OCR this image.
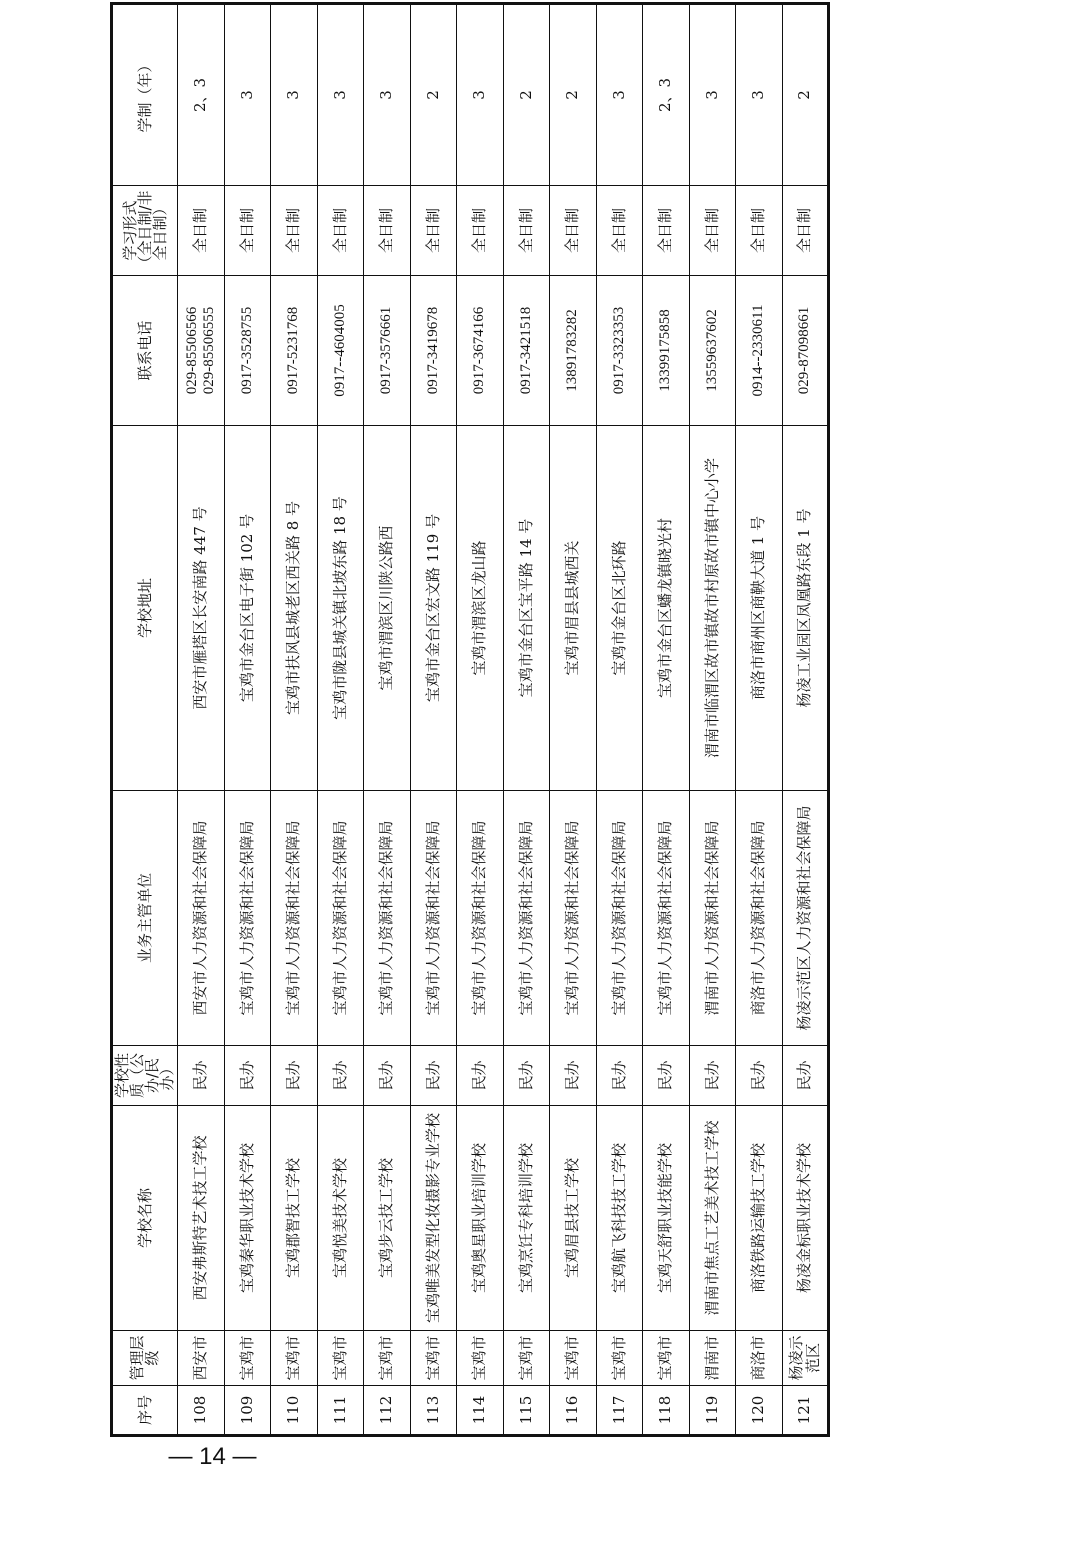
序号	管理层级	学校名称	学校性质（公办/民办）	业务主管单位	学校地址	联系电话	学习形式（全日制/非全日制）	学制（年）
108	西安市	西安弗斯特艺术技工学校	民办	西安市人力资源和社会保障局	西安市雁塔区长安南路 447 号	029-85506566 029-85506555	全日制	2、3
109	宝鸡市	宝鸡秦华职业技术学校	民办	宝鸡市人力资源和社会保障局	宝鸡市金台区电子街 102 号	0917-3528755	全日制	3
110	宝鸡市	宝鸡郡智技工学校	民办	宝鸡市人力资源和社会保障局	宝鸡市扶风县城老区西关路 8 号	0917-5231768	全日制	3
111	宝鸡市	宝鸡悦美技术学校	民办	宝鸡市人力资源和社会保障局	宝鸡市陇县城关镇北坡东路 18 号	0917--4604005	全日制	3
112	宝鸡市	宝鸡步云技工学校	民办	宝鸡市人力资源和社会保障局	宝鸡市渭滨区川陕公路西	0917-3576661	全日制	3
113	宝鸡市	宝鸡唯美发型化妆摄影专业学校	民办	宝鸡市人力资源和社会保障局	宝鸡市金台区宏文路 119 号	0917-3419678	全日制	2
114	宝鸡市	宝鸡奥星职业培训学校	民办	宝鸡市人力资源和社会保障局	宝鸡市渭滨区龙山路	0917-3674166	全日制	3
115	宝鸡市	宝鸡烹饪专科培训学校	民办	宝鸡市人力资源和社会保障局	宝鸡市金台区宝平路 14 号	0917-3421518	全日制	2
116	宝鸡市	宝鸡眉县技工学校	民办	宝鸡市人力资源和社会保障局	宝鸡市眉县县城西关	13891783282	全日制	2
117	宝鸡市	宝鸡航飞科技技工学校	民办	宝鸡市人力资源和社会保障局	宝鸡市金台区北环路	0917-3323353	全日制	3
118	宝鸡市	宝鸡天舒职业技能学校	民办	宝鸡市人力资源和社会保障局	宝鸡市金台区蟠龙镇晓光村	13399175858	全日制	2、3
119	渭南市	渭南市焦点工艺美术技工学校	民办	渭南市人力资源和社会保障局	渭南市临渭区故市镇故市村原故市镇中心小学	13559637602	全日制	3
120	商洛市	商洛铁路运输技工学校	民办	商洛市人力资源和社会保障局	商洛市商州区商鞅大道 1 号	0914--2330611	全日制	3
121	杨凌示范区	杨凌金标职业技术学校	民办	杨凌示范区人力资源和社会保障局	杨凌工业园区凤凰路东段 1 号	029-87098661	全日制	2
— 14 —
